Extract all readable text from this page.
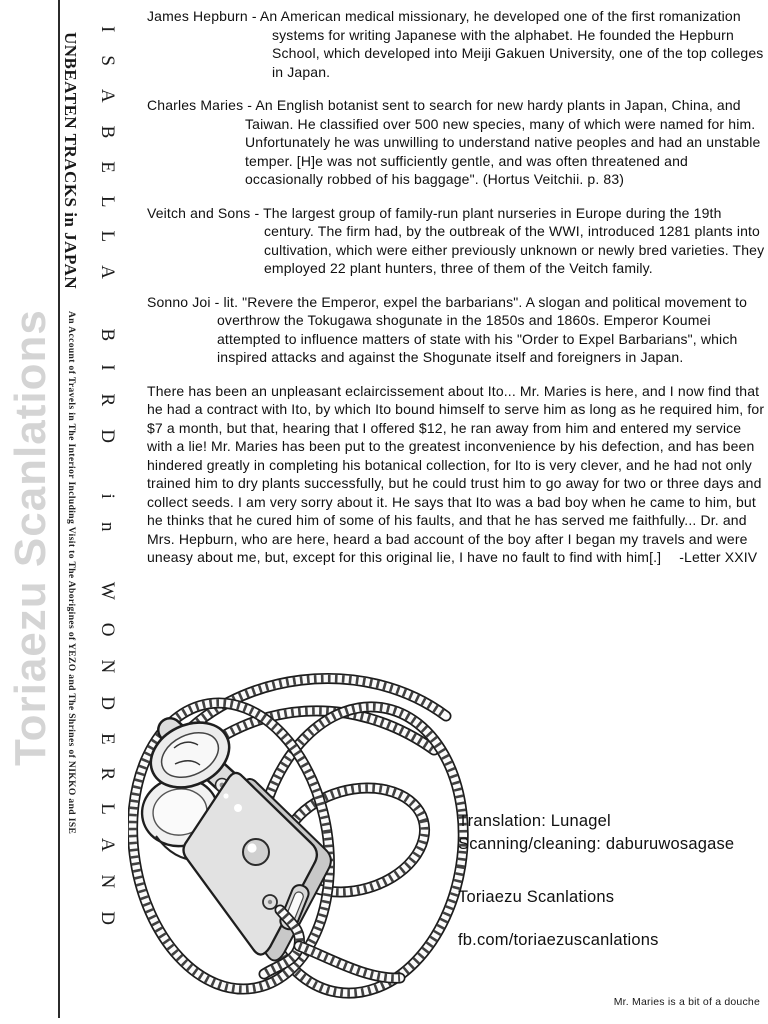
Toriaezu Scanlations
UNBEATEN TRACKS in JAPAN
An Account of Travels in The Interior Including Visit to The Aborigines of YEZO and The Shrines of NIKKO and ISE ISABELLA BIRD in WONDERLAND
James Hepburn - An American medical missionary, he developed one of the first romanization systems for writing Japanese with the alphabet. He founded the Hepburn School, which developed into Meiji Gakuen University, one of the top colleges in Japan.
Charles Maries - An English botanist sent to search for new hardy plants in Japan, China, and Taiwan. He classified over 500 new species, many of which were named for him. Unfortunately he was unwilling to understand native peoples and had an unstable temper. [H]e was not sufficiently gentle, and was often threatened and occasionally robbed of his baggage". (Hortus Veitchii. p. 83)
Veitch and Sons - The largest group of family-run plant nurseries in Europe during the 19th century. The firm had, by the outbreak of the WWI, introduced 1281 plants into cultivation, which were either previously unknown or newly bred varieties. They employed 22 plant hunters, three of them of the Veitch family.
Sonno Joi - lit. "Revere the Emperor, expel the barbarians". A slogan and political movement to overthrow the Tokugawa shogunate in the 1850s and 1860s. Emperor Koumei attempted to influence matters of state with his "Order to Expel Barbarians", which inspired attacks and against the Shogunate itself and foreigners in Japan.
There has been an unpleasant eclaircissement about Ito... Mr. Maries is here, and I now find that he had a contract with Ito, by which Ito bound himself to serve him as long as he required him, for $7 a month, but that, hearing that I offered $12, he ran away from him and entered my service with a lie! Mr. Maries has been put to the greatest inconvenience by his defection, and has been hindered greatly in completing his botanical collection, for Ito is very clever, and he had not only trained him to dry plants successfully, but he could trust him to go away for two or three days and collect seeds. I am very sorry about it. He says that Ito was a bad boy when he came to him, but he thinks that he cured him of some of his faults, and that he has served me faithfully... Dr. and Mrs. Hepburn, who are here, heard a bad account of the boy after I began my travels and were uneasy about me, but, except for this original lie, I have no fault to find with him[.] -Letter XXIV
Translation: Lunagel
Scanning/cleaning: daburuwosagase
Toriaezu Scanlations
fb.com/toriaezuscanlations
Mr. Maries is a bit of a douche
